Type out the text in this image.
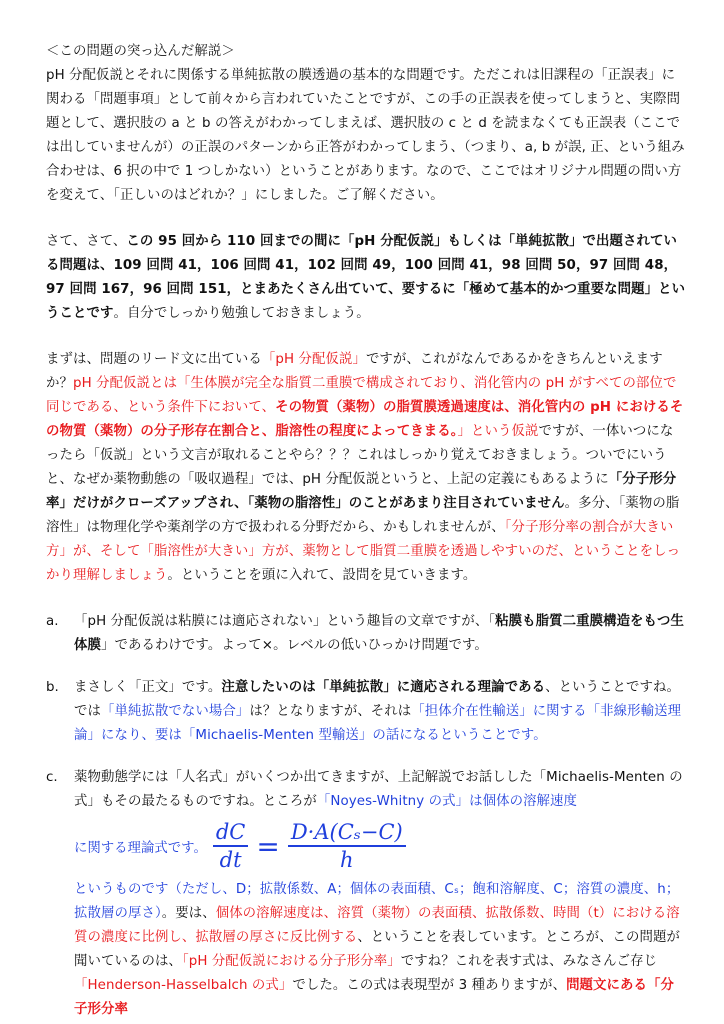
＜この問題の突っ込んだ解説＞

pH 分配仮説とそれに関係する単純拡散の膜透過の基本的な問題です。ただこれは旧課程の「正誤表」に関わる「問題事項」として前々から言われていたことですが、この手の正誤表を使ってしまうと、実際問題として、選択肢の a と b の答えがわかってしまえば、選択肢の c と d を読まなくても正誤表（ここでは出していませんが）の正誤のパターンから正答がわかってしまう、（つまり、a, b が誤, 正、という組み合わせは、6 択の中で 1 つしかない）ということがあります。なので、ここではオリジナル問題の問い方を変えて、「正しいのはどれか？」にしました。ご了解ください。

さて、さて、この 95 回から 110 回までの間に「pH 分配仮説」もしくは「単純拡散」で出題されている問題は、109 回問 41，106 回問 41，102 回問 49，100 回問 41，98 回問 50，97 回問 48，97 回問 167，96 回問 151，とまあたくさん出ていて、要するに「極めて基本的かつ重要な問題」ということです。自分でしっかり勉強しておきましょう。

まずは、問題のリード文に出ている「pH 分配仮説」ですが、これがなんであるかをきちんといえますか？pH 分配仮説とは「生体膜が完全な脂質二重膜で構成されており、消化管内の pH がすべての部位で同じである、という条件下において、その物質（薬物）の脂質膜透過速度は、消化管内の pH におけるその物質（薬物）の分子形存在割合と、脂溶性の程度によってきまる。」という仮説ですが、一体いつになったら「仮説」という文言が取れることやら？？？これはしっかり覚えておきましょう。ついでにいうと、なぜか薬物動態の「吸収過程」では、pH 分配仮説というと、上記の定義にもあるように「分子形分率」だけがクローズアップされ、「薬物の脂溶性」のことがあまり注目されていません。多分、「薬物の脂溶性」は物理化学や薬剤学の方で扱われる分野だから、かもしれませんが、「分子形分率の割合が大きい方」が、そして「脂溶性が大きい」方が、薬物として脂質二重膜を透過しやすいのだ、ということをしっかり理解しましょう。ということを頭に入れて、設問を見ていきます。

a.	「pH 分配仮説は粘膜には適応されない」という趣旨の文章ですが、「粘膜も脂質二重膜構造をもつ生体膜」であるわけです。よって×。レベルの低いひっかけ問題です。

b.	まさしく「正文」です。注意したいのは「単純拡散」に適応される理論である、ということですね。では「単純拡散でない場合」は？となりますが、それは「担体介在性輸送」に関する「非線形輸送理論」になり、要は「Michaelis-Menten 型輸送」の話になるということです。

c.	薬物動態学には「人名式」がいくつか出てきますが、上記解説でお話しした「Michaelis-Menten の式」もその最たるものですね。ところが「Noyes-Whitny の式」は個体の溶解速度

に関する理論式です。 $\frac{dC}{dt} = \frac{\text{D·A(Cₛ−C)}}{h}$

というものです（ただし、D；拡散係数、A；個体の表面積、Cₛ；飽和溶解度、C；溶質の濃度、h；拡散層の厚さ）。要は、個体の溶解速度は、溶質（薬物）の表面積、拡散係数、時間（t）における溶質の濃度に比例し、拡散層の厚さに反比例する、ということを表しています。ところが、この問題が聞いているのは、「pH 分配仮説における分子形分率」ですね？これを表す式は、みなさんご存じ「Henderson-Hasselbalch の式」でした。この式は表現型が 3 種ありますが、問題文にある「分子形分率
